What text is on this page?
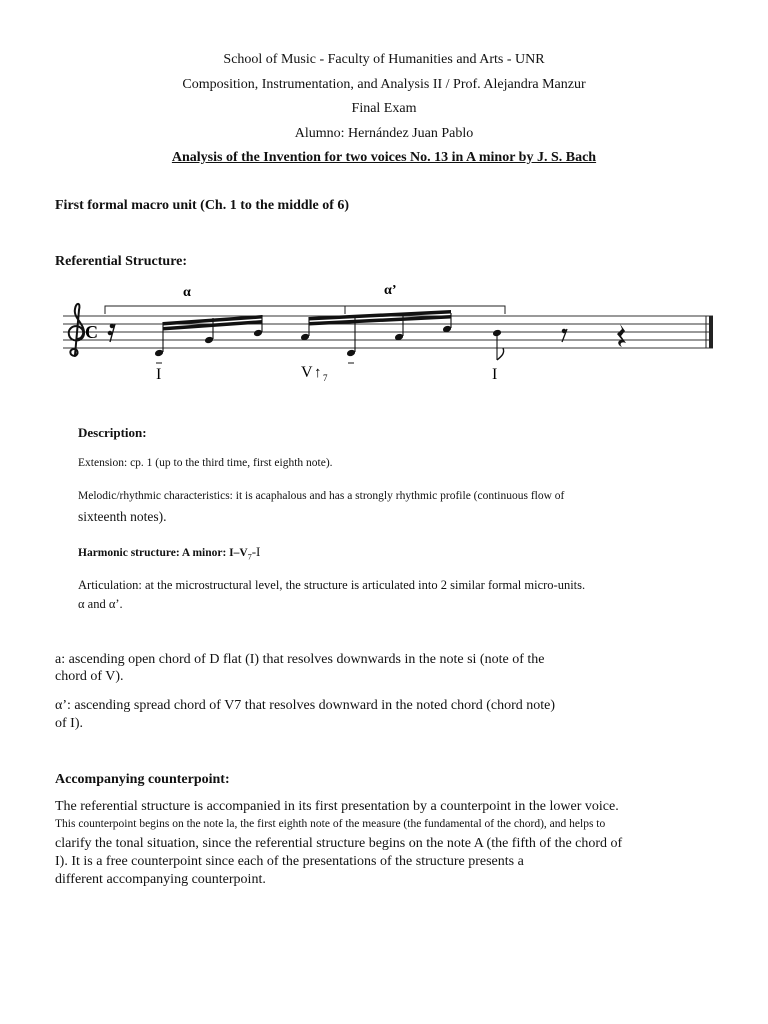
School of Music - Faculty of Humanities and Arts - UNR
Composition, Instrumentation, and Analysis II / Prof. Alejandra Manzur
Final Exam
Alumno: Hernández Juan Pablo
Analysis of the Invention for two voices No. 13 in A minor by J. S. Bach
First formal macro unit (Ch. 1 to the middle of 6)
Referential Structure:
α	α’
C
I	V ↑ 7	I
Description:
Extension: cp. 1 (up to the third time, first eighth note).
Melodic/rhythmic characteristics: it is acaphalous and has a strongly rhythmic profile (continuous flow of
sixteenth notes).
Harmonic structure: A minor: $I-V_7-I$
Articulation: at the microstructural level, the structure is articulated into 2 similar formal micro-units.
α and α’.
a: ascending open chord of D flat (I) that resolves downwards in the note si (note of the
chord of V).
α’: ascending spread chord of V7 that resolves downward in the noted chord (chord note)
of I).
Accompanying counterpoint:
The referential structure is accompanied in its first presentation by a counterpoint in the lower voice.
This counterpoint begins on the note la, the first eighth note of the measure (the fundamental of the chord), and helps to
clarify the tonal situation, since the referential structure begins on the note A (the fifth of the chord of
I). It is a free counterpoint since each of the presentations of the structure presents a
different accompanying counterpoint.
